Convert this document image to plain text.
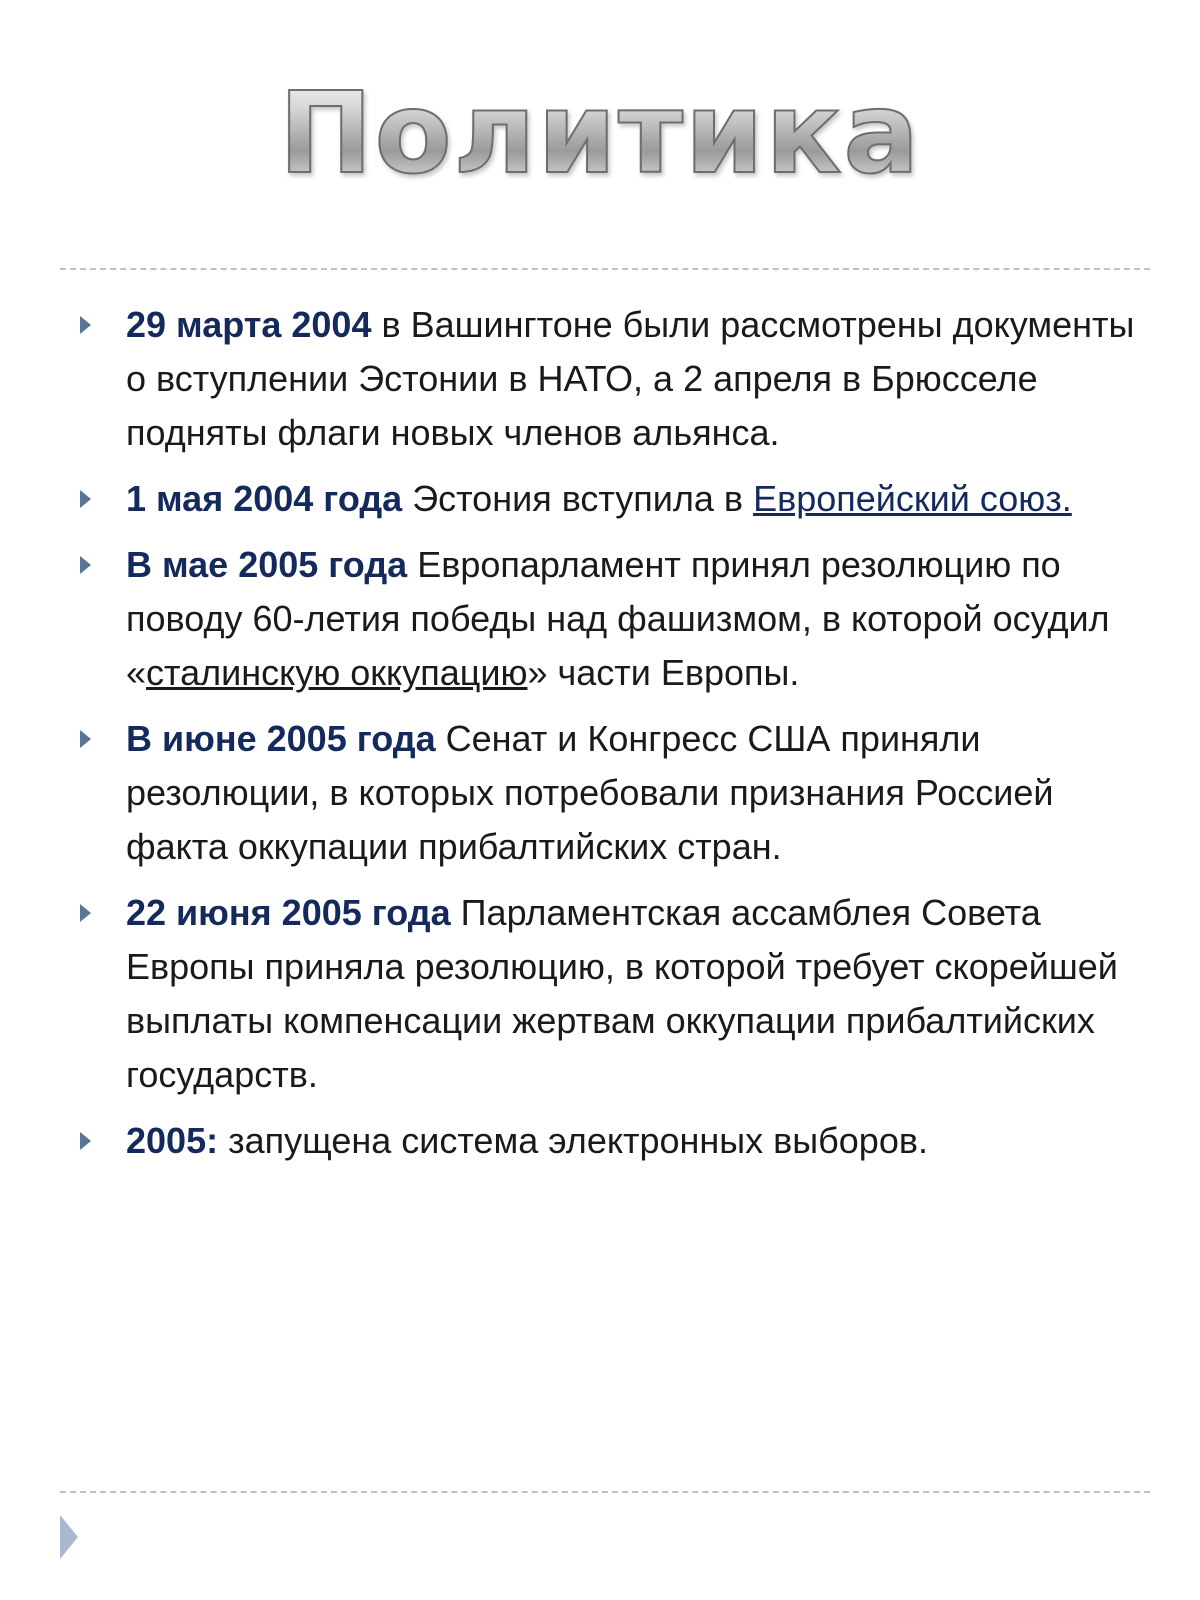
Политика
29 марта 2004 в Вашингтоне были рассмотрены документы о вступлении Эстонии в НАТО, а 2 апреля в Брюсселе подняты флаги новых членов альянса.
1 мая 2004 года Эстония вступила в Европейский союз.
В мае 2005 года Европарламент принял резолюцию по поводу 60-летия победы над фашизмом, в которой осудил «сталинскую оккупацию» части Европы.
В июне 2005 года Сенат и Конгресс США приняли резолюции, в которых потребовали признания Россией факта оккупации прибалтийских стран.
22 июня 2005 года Парламентская ассамблея Совета Европы приняла резолюцию, в которой требует скорейшей выплаты компенсации жертвам оккупации прибалтийских государств.
2005: запущена система электронных выборов.
